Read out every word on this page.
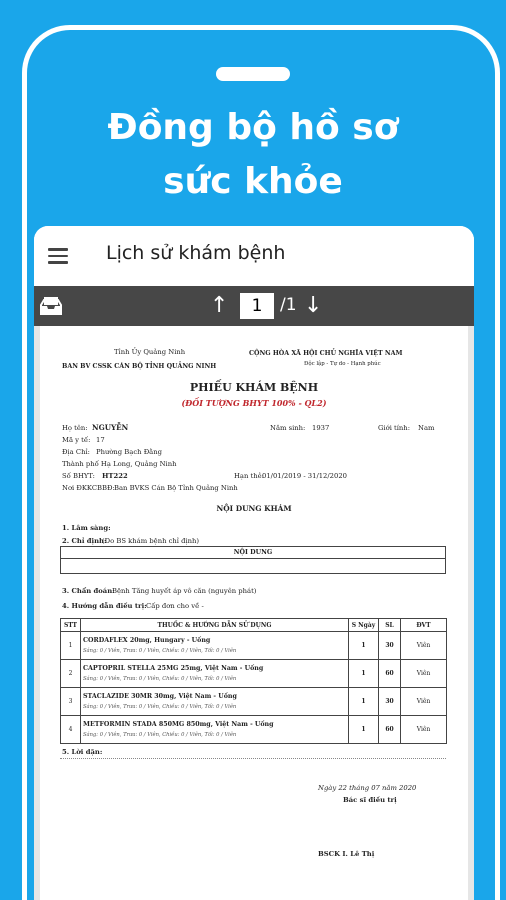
Đồng bộ hồ sơ
sức khỏe
Lịch sử khám bệnh
↑
1	/1 ↓
Tỉnh Ủy Quảng Ninh
BAN BV CSSK CÁN BỘ TỈNH QUẢNG NINH
CỘNG HÒA XÃ HỘI CHỦ NGHĨA VIỆT NAM
Độc lập - Tự do - Hạnh phúc
PHIẾU KHÁM BỆNH
(ĐỐI TƯỢNG BHYT 100% - QL2)
Họ tên: NGUYỄN	Năm sinh: 1937	Giới tính: Nam
Mã y tế: 17
Địa Chỉ: Phường Bạch Đằng
Thành phố Hạ Long, Quảng Ninh
Số BHYT: HT222	Hạn thẻ:
01/01/2019 - 31/12/2020
Nơi ĐKKCBBĐ: Ban BVKS Cán Bộ Tỉnh Quảng Ninh
NỘI DUNG KHÁM
1. Lâm sàng:
2. Chỉ định:
(Do BS khám bệnh chỉ định)
NỘI DUNG
3. Chẩn đoán:
Bệnh Tăng huyết áp vô căn (nguyên phát)
4. Hướng dẫn điều trị: Cấp đơn cho về -
STT	THUỐC & HƯỚNG DẪN SỬ DỤNG	S Ngày	SL	ĐVT
1	CORDAFLEX 20mg, Hungary - Uống
Sáng: 0 / Viên, Trưa: 0 / Viên, Chiều: 0 / Viên, Tối: 0 / Viên	1	30	Viên
2	CAPTOPRIL STELLA 25MG 25mg, Việt Nam - Uống
Sáng: 0 / Viên, Trưa: 0 / Viên, Chiều: 0 / Viên, Tối: 0 / Viên	1	60	Viên
3	STACLAZIDE 30MR 30mg, Việt Nam - Uống
Sáng: 0 / Viên, Trưa: 0 / Viên, Chiều: 0 / Viên, Tối: 0 / Viên	1	30	Viên
4	METFORMIN STADA 850MG 850mg, Việt Nam - Uống
Sáng: 0 / Viên, Trưa: 0 / Viên, Chiều: 0 / Viên, Tối: 0 / Viên	1	60	Viên
5. Lời dặn:
Ngày 22 tháng 07 năm 2020
Bác sĩ điều trị
BSCK I. Lê Thị
